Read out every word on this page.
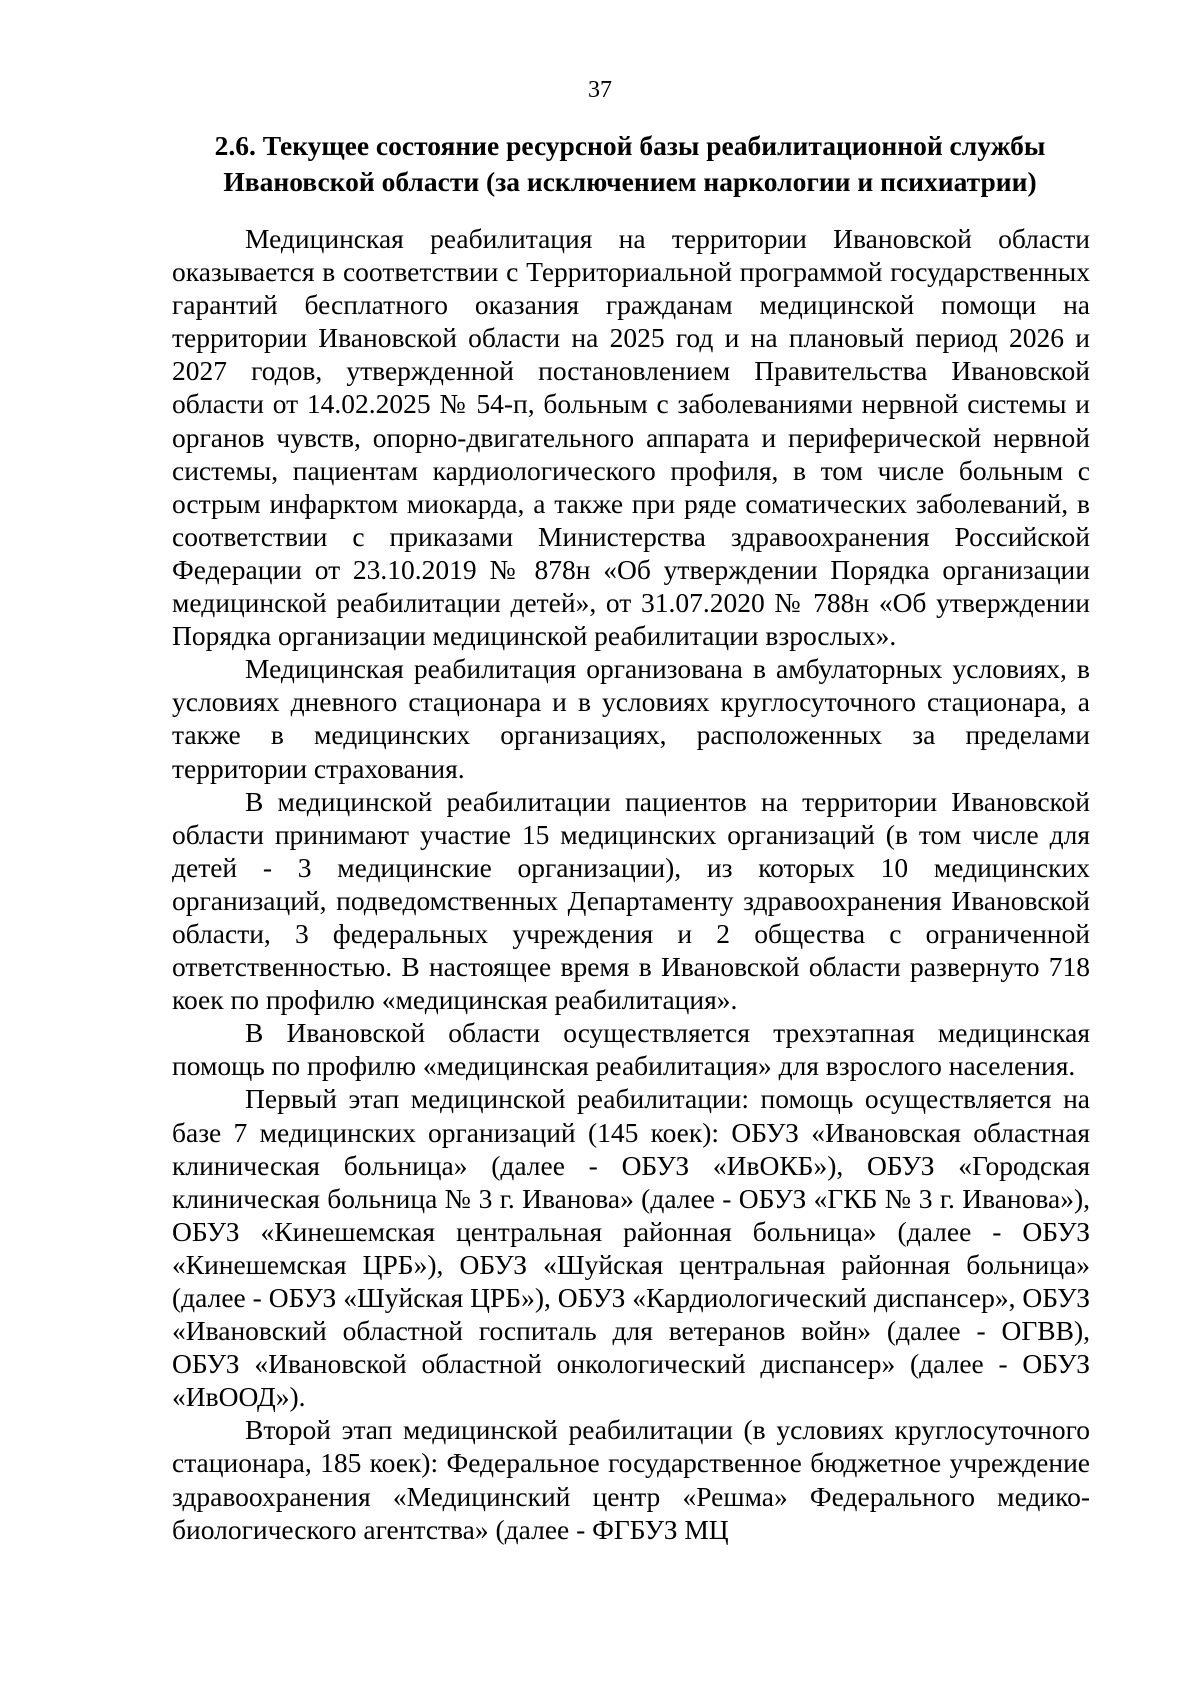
37
2.6. Текущее состояние ресурсной базы реабилитационной службы
Ивановской области (за исключением наркологии и психиатрии)

Медицинская реабилитация на территории Ивановской области оказывается в соответствии с Территориальной программой государственных гарантий бесплатного оказания гражданам медицинской помощи на территории Ивановской области на 2025 год и на плановый период 2026 и 2027 годов, утвержденной постановлением Правительства Ивановской области от 14.02.2025 № 54-п, больным с заболеваниями нервной системы и органов чувств, опорно-двигательного аппарата и периферической нервной системы, пациентам кардиологического профиля, в том числе больным с острым инфарктом миокарда, а также при ряде соматических заболеваний, в соответствии с приказами Министерства здравоохранения Российской Федерации от 23.10.2019 № 878н «Об утверждении Порядка организации медицинской реабилитации детей», от 31.07.2020 № 788н «Об утверждении Порядка организации медицинской реабилитации взрослых».

Медицинская реабилитация организована в амбулаторных условиях, в условиях дневного стационара и в условиях круглосуточного стационара, а также в медицинских организациях, расположенных за пределами территории страхования.

В медицинской реабилитации пациентов на территории Ивановской области принимают участие 15 медицинских организаций (в том числе для детей - 3 медицинские организации), из которых 10 медицинских организаций, подведомственных Департаменту здравоохранения Ивановской области, 3 федеральных учреждения и 2 общества с ограниченной ответственностью. В настоящее время в Ивановской области развернуто 718 коек по профилю «медицинская реабилитация».

В Ивановской области осуществляется трехэтапная медицинская помощь по профилю «медицинская реабилитация» для взрослого населения.

Первый этап медицинской реабилитации: помощь осуществляется на базе 7 медицинских организаций (145 коек): ОБУЗ «Ивановская областная клиническая больница» (далее - ОБУЗ «ИвОКБ»), ОБУЗ «Городская клиническая больница № 3 г. Иванова» (далее - ОБУЗ «ГКБ № 3 г. Иванова»), ОБУЗ «Кинешемская центральная районная больница» (далее - ОБУЗ «Кинешемская ЦРБ»), ОБУЗ «Шуйская центральная районная больница» (далее - ОБУЗ «Шуйская ЦРБ»), ОБУЗ «Кардиологический диспансер», ОБУЗ «Ивановский областной госпиталь для ветеранов войн» (далее - ОГВВ), ОБУЗ «Ивановской областной онкологический диспансер» (далее - ОБУЗ «ИвООД»).

Второй этап медицинской реабилитации (в условиях круглосуточного стационара, 185 коек): Федеральное государственное бюджетное учреждение здравоохранения «Медицинский центр «Решма» Федерального медико-биологического агентства» (далее - ФГБУЗ МЦ
